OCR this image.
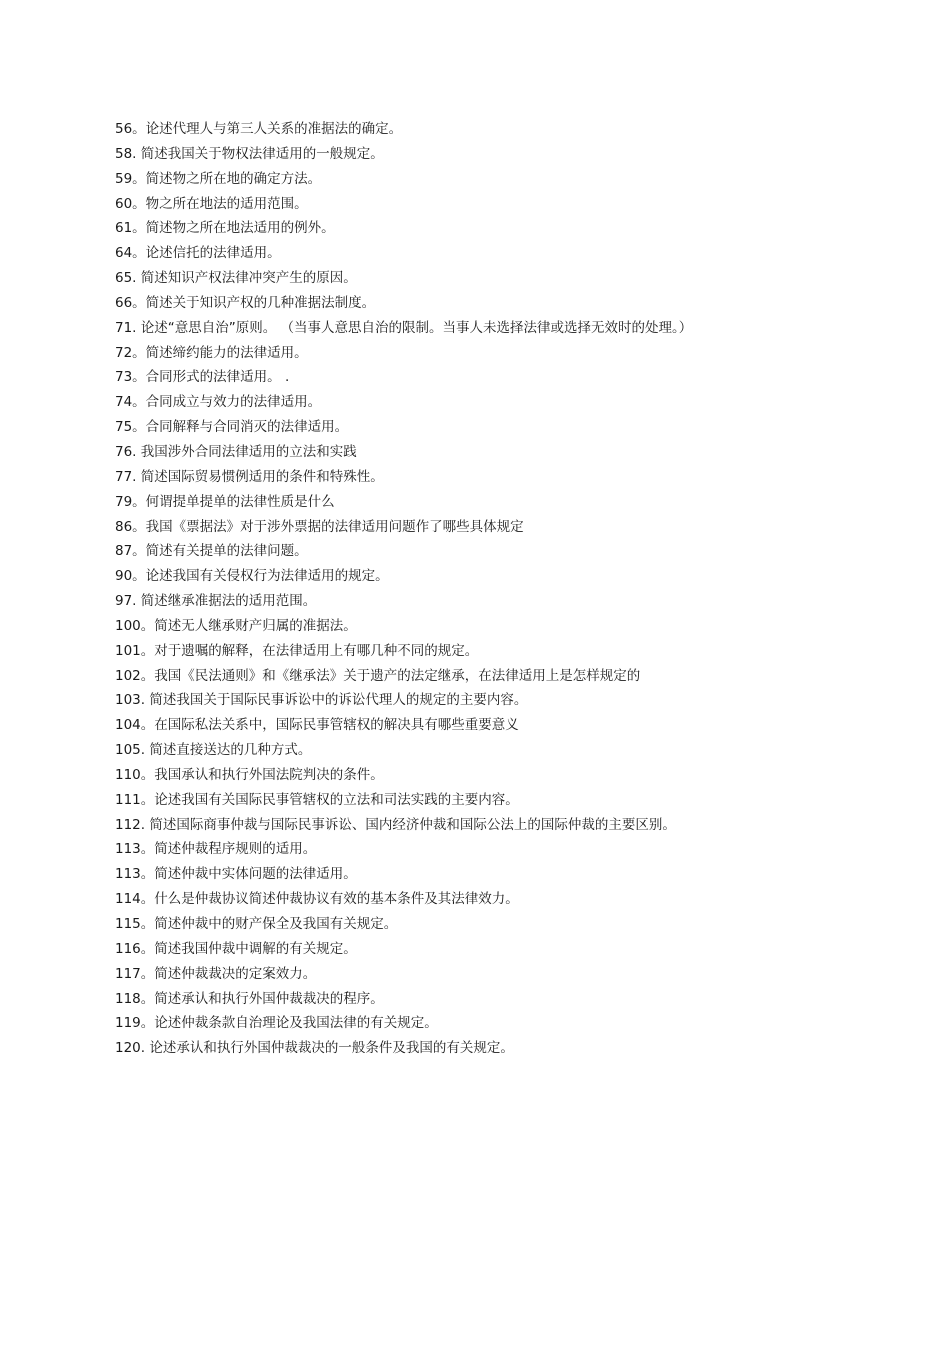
56。论述代理人与第三人关系的准据法的确定。
58. 简述我国关于物权法律适用的一般规定。
59。简述物之所在地的确定方法。
60。物之所在地法的适用范围。
61。简述物之所在地法适用的例外。
64。论述信托的法律适用。
65. 简述知识产权法律冲突产生的原因。
66。简述关于知识产权的几种准据法制度。
71. 论述“意思自治”原则。 （当事人意思自治的限制。当事人未选择法律或选择无效时的处理。）
72。简述缔约能力的法律适用。
73。合同形式的法律适用。 .
74。合同成立与效力的法律适用。
75。合同解释与合同消灭的法律适用。
76. 我国涉外合同法律适用的立法和实践
77. 简述国际贸易惯例适用的条件和特殊性。
79。何谓提单提单的法律性质是什么
86。我国《票据法》对于涉外票据的法律适用问题作了哪些具体规定
87。简述有关提单的法律问题。
90。论述我国有关侵权行为法律适用的规定。
97. 简述继承准据法的适用范围。
100。简述无人继承财产归属的准据法。
101。对于遗嘱的解释，在法律适用上有哪几种不同的规定。
102。我国《民法通则》和《继承法》关于遗产的法定继承，在法律适用上是怎样规定的
103. 简述我国关于国际民事诉讼中的诉讼代理人的规定的主要内容。
104。在国际私法关系中，国际民事管辖权的解决具有哪些重要意义
105. 简述直接送达的几种方式。
110。我国承认和执行外国法院判决的条件。
111。论述我国有关国际民事管辖权的立法和司法实践的主要内容。
112. 简述国际商事仲裁与国际民事诉讼、国内经济仲裁和国际公法上的国际仲裁的主要区别。
113。简述仲裁程序规则的适用。
113。简述仲裁中实体问题的法律适用。
114。什么是仲裁协议简述仲裁协议有效的基本条件及其法律效力。
115。简述仲裁中的财产保全及我国有关规定。
116。简述我国仲裁中调解的有关规定。
117。简述仲裁裁决的定案效力。
118。简述承认和执行外国仲裁裁决的程序。
119。论述仲裁条款自治理论及我国法律的有关规定。
120. 论述承认和执行外国仲裁裁决的一般条件及我国的有关规定。
